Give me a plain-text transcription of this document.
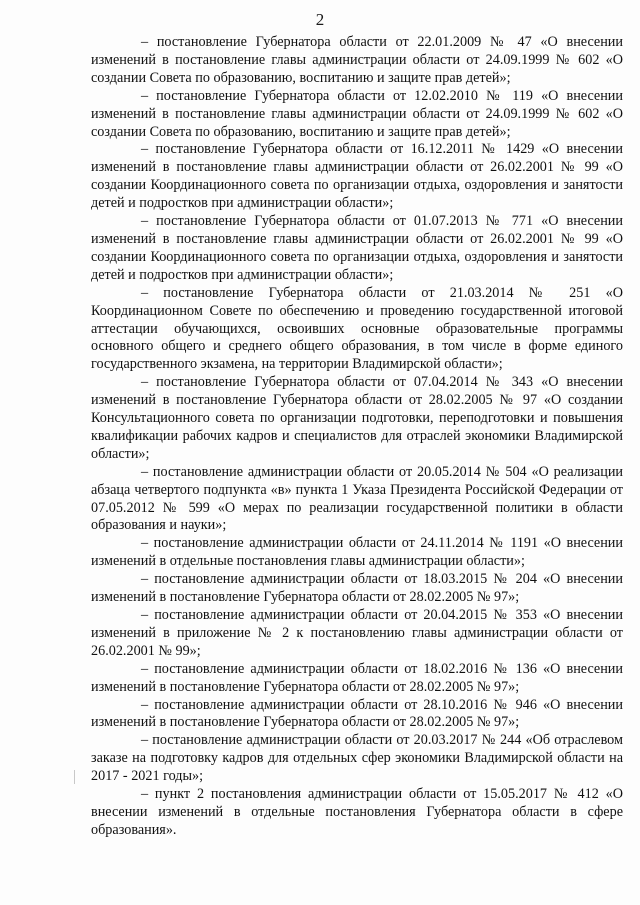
2

– постановление Губернатора области от 22.01.2009 № 47 «О внесении изменений в постановление главы администрации области от 24.09.1999 № 602 «О создании Совета по образованию, воспитанию и защите прав детей»;

– постановление Губернатора области от 12.02.2010 № 119 «О внесении изменений в постановление главы администрации области от 24.09.1999 № 602 «О создании Совета по образованию, воспитанию и защите прав детей»;

– постановление Губернатора области от 16.12.2011 № 1429 «О внесении изменений в постановление главы администрации области от 26.02.2001 № 99 «О создании Координационного совета по организации отдыха, оздоровления и занятости детей и подростков при администрации области»;

– постановление Губернатора области от 01.07.2013 № 771 «О внесении изменений в постановление главы администрации области от 26.02.2001 № 99 «О создании Координационного совета по организации отдыха, оздоровления и занятости детей и подростков при администрации области»;

– постановление Губернатора области от 21.03.2014 № 251 «О Координационном Совете по обеспечению и проведению государственной итоговой аттестации обучающихся, освоивших основные образовательные программы основного общего и среднего общего образования, в том числе в форме единого государственного экзамена, на территории Владимирской области»;

– постановление Губернатора области от 07.04.2014 № 343 «О внесении изменений в постановление Губернатора области от 28.02.2005 № 97 «О создании Консультационного совета по организации подготовки, переподготовки и повышения квалификации рабочих кадров и специалистов для отраслей экономики Владимирской области»;

– постановление администрации области от 20.05.2014 № 504 «О реализации абзаца четвертого подпункта «в» пункта 1 Указа Президента Российской Федерации от 07.05.2012 № 599 «О мерах по реализации государственной политики в области образования и науки»;

– постановление администрации области от 24.11.2014 № 1191 «О внесении изменений в отдельные постановления главы администрации области»;

– постановление администрации области от 18.03.2015 № 204 «О внесении изменений в постановление Губернатора области от 28.02.2005 № 97»;

– постановление администрации области от 20.04.2015 № 353 «О внесении изменений в приложение № 2 к постановлению главы администрации области от 26.02.2001 № 99»;

– постановление администрации области от 18.02.2016 № 136 «О внесении изменений в постановление Губернатора области от 28.02.2005 № 97»;

– постановление администрации области от 28.10.2016 № 946 «О внесении изменений в постановление Губернатора области от 28.02.2005 № 97»;

– постановление администрации области от 20.03.2017 № 244 «Об отраслевом заказе на подготовку кадров для отдельных сфер экономики Владимирской области на 2017 - 2021 годы»;

– пункт 2 постановления администрации области от 15.05.2017 № 412 «О внесении изменений в отдельные постановления Губернатора области в сфере образования».
